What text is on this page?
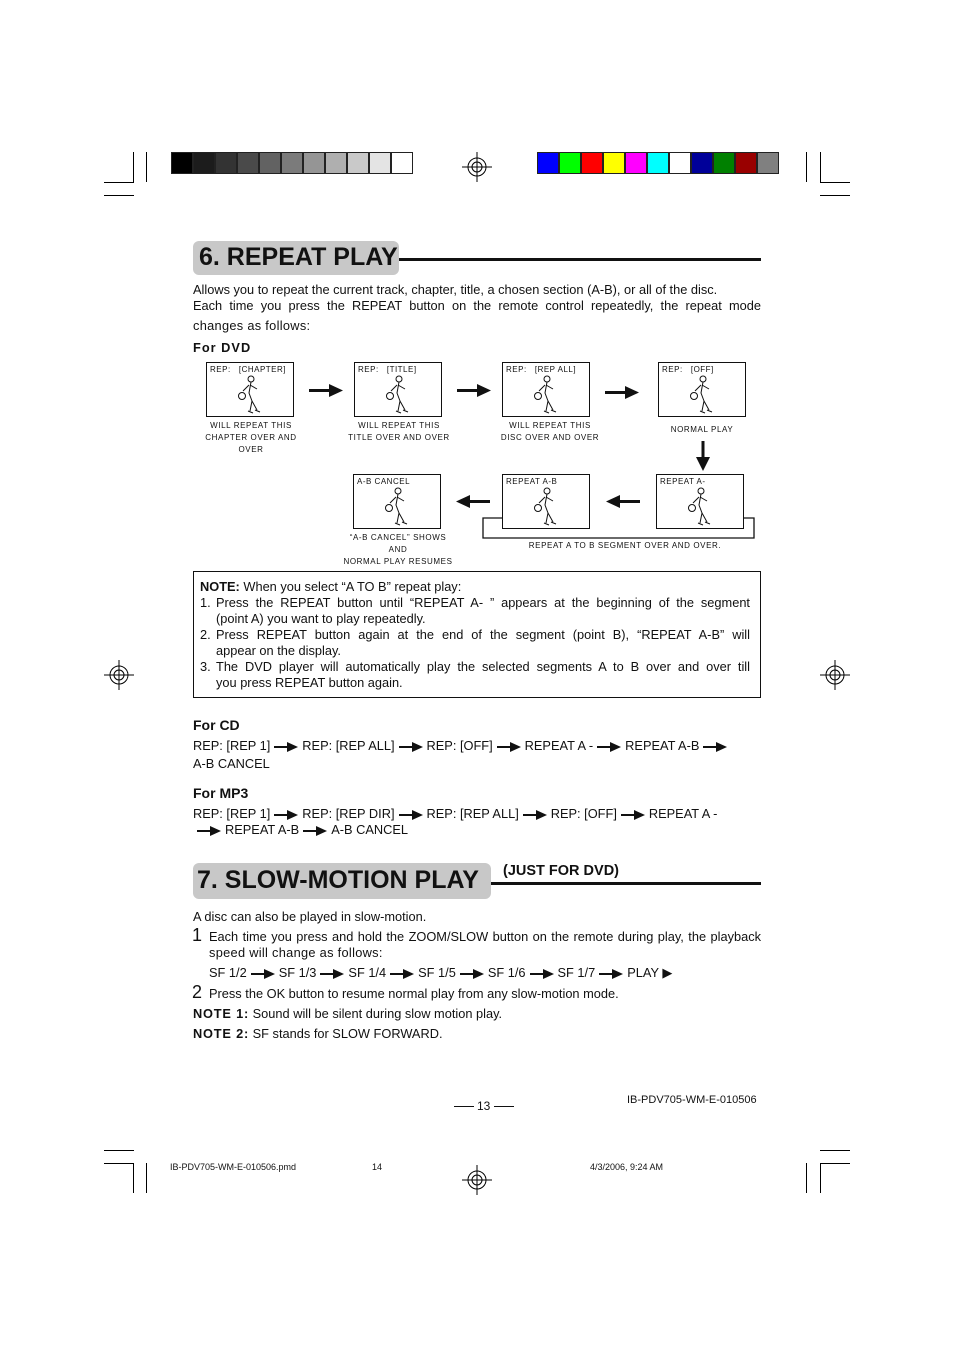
6. REPEAT PLAY
Allows you to repeat the current track, chapter, title, a chosen section (A-B), or all of the disc.
Each time you press the REPEAT button on the remote control repeatedly, the repeat mode
changes as follows:
For DVD
REP:   [CHAPTER]
WILL REPEAT THIS
CHAPTER OVER AND OVER
REP:   [TITLE]
WILL REPEAT THIS
TITLE OVER AND OVER
REP:   [REP ALL]
WILL REPEAT THIS
DISC OVER AND OVER
REP:   [OFF]
NORMAL PLAY
REPEAT A-
REPEAT A-B
A-B CANCEL
“A-B CANCEL” SHOWS AND
NORMAL PLAY RESUMES
REPEAT A TO B SEGMENT OVER AND OVER.
NOTE: When you select “A TO B” repeat play:
1. Press the REPEAT button until “REPEAT A- ” appears at the beginning of the segment
(point A) you want to play repeatedly.
2. Press REPEAT button again at the end of the segment (point B), “REPEAT A-B” will
appear on the display.
3. The DVD player will automatically play the selected segments A to B over and over till
you press REPEAT button again.
For CD
REP: [REP 1]	REP: [REP ALL]	REP: [OFF]	REPEAT A -	REPEAT A-B
A-B CANCEL
For MP3
REP: [REP 1]	REP: [REP DIR]	REP: [REP ALL]	REP: [OFF]	REPEAT A -
REPEAT A-B	A-B CANCEL
7. SLOW-MOTION PLAY (JUST FOR DVD)
A disc can also be played in slow-motion.
1 Each time you press and hold the ZOOM/SLOW button on the remote during play, the playback
speed will change as follows:
SF 1/2	SF 1/3	SF 1/4	SF 1/5	SF 1/6	SF 1/7	PLAY ▶
2 Press the OK button to resume normal play from any slow-motion mode.
NOTE 1: Sound will be silent during slow motion play.
NOTE 2: SF stands for SLOW FORWARD.
13	IB-PDV705-WM-E-010506
IB-PDV705-WM-E-010506.pmd	14	4/3/2006, 9:24 AM
